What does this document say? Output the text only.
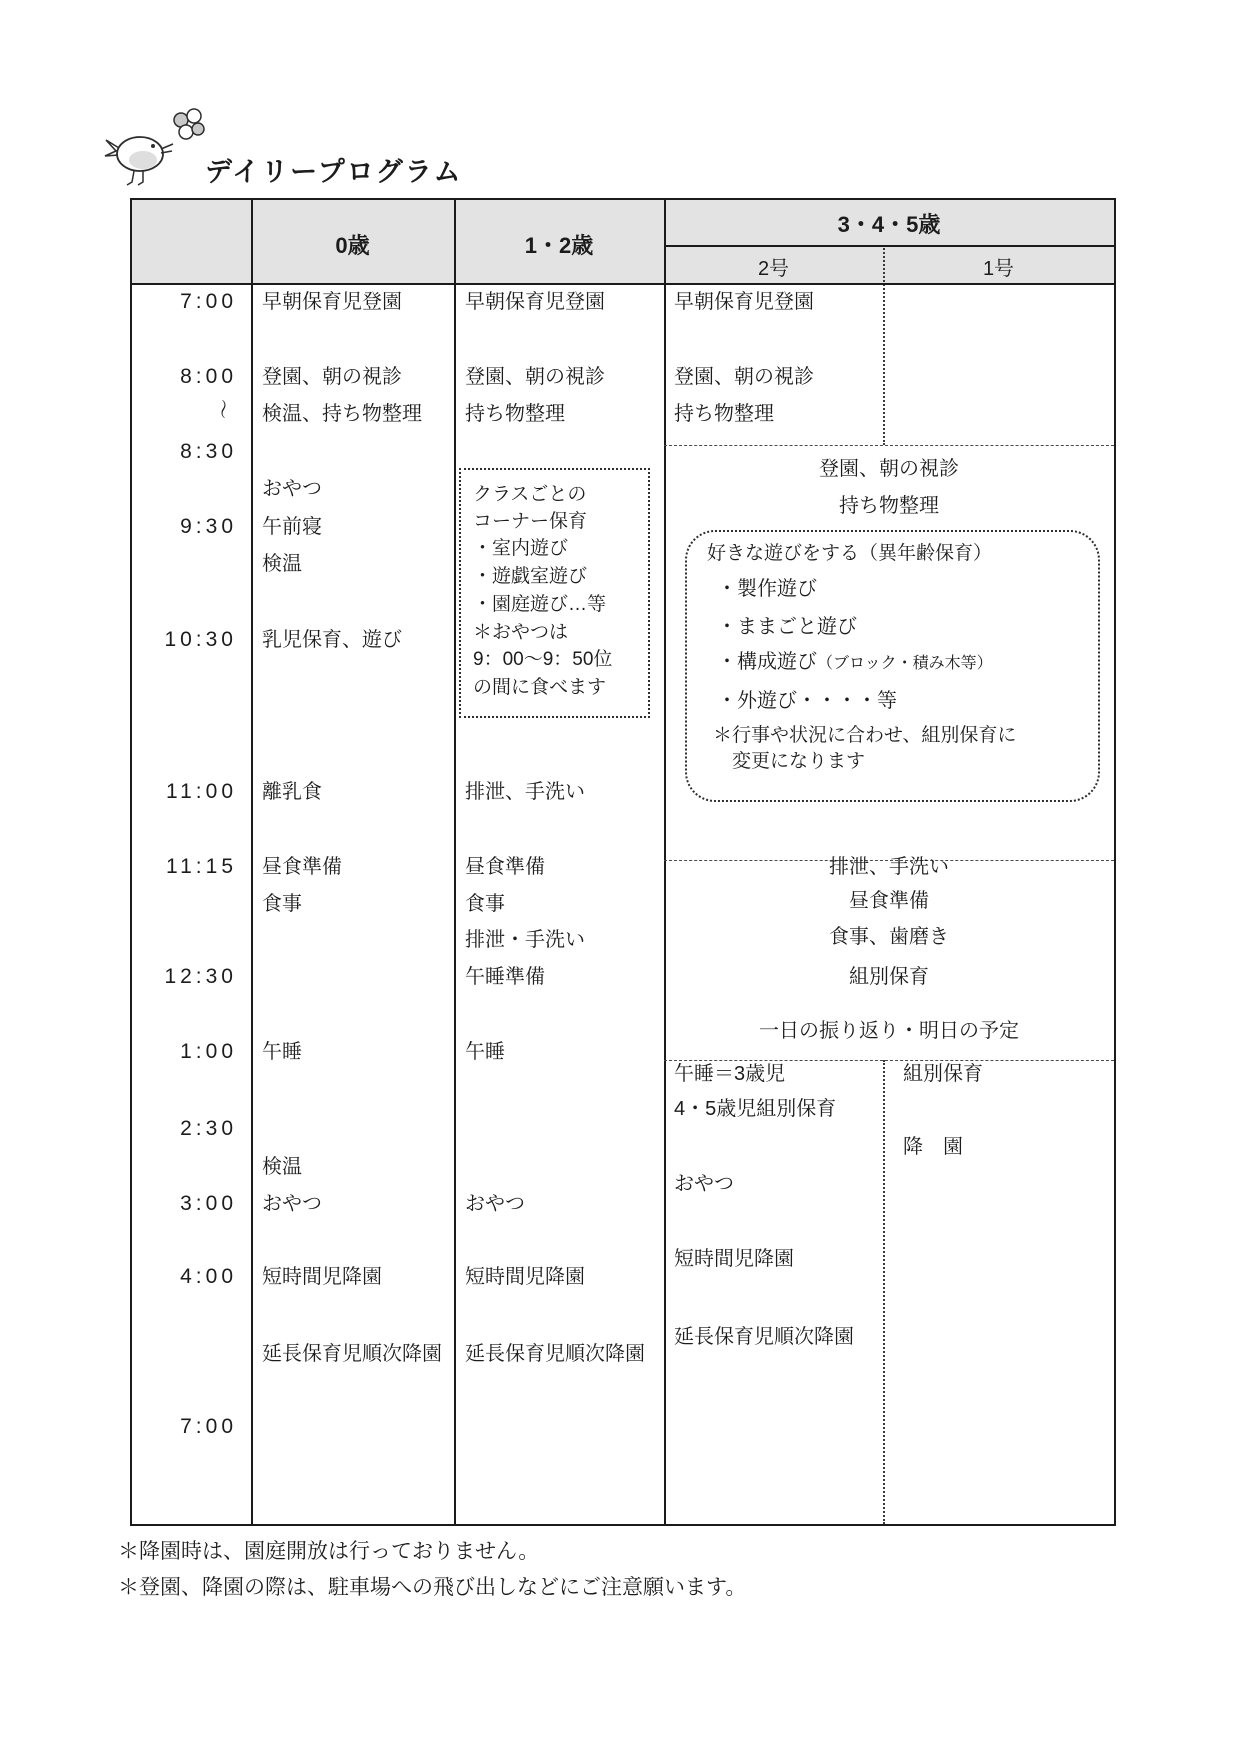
デイリープログラム
0歳	1・2歳
3・4・5歳
2号	1号
7:00
8:00
〜
8:30
9:30
10:30
11:00
11:15
12:30
1:00
2:30
3:00
4:00
7:00
早朝保育児登園
登園、朝の視診
検温、持ち物整理
おやつ
午前寝
検温
乳児保育、遊び
離乳食
昼食準備
食事
午睡
検温
おやつ
短時間児降園
延長保育児順次降園
早朝保育児登園
登園、朝の視診
持ち物整理
クラスごとの
コーナー保育
・室内遊び
・遊戯室遊び
・園庭遊び…等
＊おやつは
9：00～9：50位
の間に食べます
排泄、手洗い
昼食準備
食事
排泄・手洗い
午睡準備
午睡
おやつ
短時間児降園
延長保育児順次降園
早朝保育児登園
登園、朝の視診
持ち物整理
登園、朝の視診
持ち物整理
好きな遊びをする（異年齢保育）
・製作遊び
・ままごと遊び
・構成遊び（ブロック・積み木等）
・外遊び・・・・等
＊行事や状況に合わせ、組別保育に
変更になります
排泄、手洗い
昼食準備
食事、歯磨き
組別保育
一日の振り返り・明日の予定
午睡＝3歳児
4・5歳児組別保育
おやつ
短時間児降園
延長保育児順次降園
組別保育
降　園
＊降園時は、園庭開放は行っておりません。
＊登園、降園の際は、駐車場への飛び出しなどにご注意願います。
